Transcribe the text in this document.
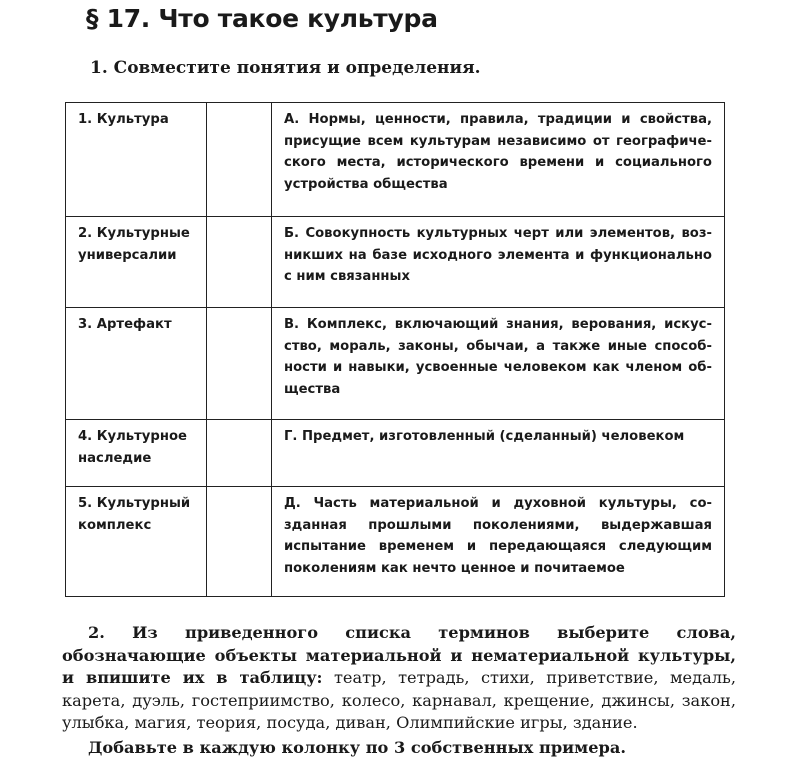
§ 17. Что такое культура

1. Совместите понятия и определения.

1. Культура		А. Нормы, ценности, правила, традиции и свойства, присущие всем культурам независимо от географического места, исторического времени и социального устройства общества
2. Культурные универсалии		Б. Совокупность культурных черт или элементов, возникших на базе исходного элемента и функционально с ним связанных
3. Артефакт		В. Комплекс, включающий знания, верования, искусство, мораль, законы, обычаи, а также иные способности и навыки, усвоенные человеком как членом общества
4. Культурное наследие		Г. Предмет, изготовленный (сделанный) человеком
5. Культурный комплекс		Д. Часть материальной и духовной культуры, созданная прошлыми поколениями, выдержавшая испытание временем и передающаяся следующим поколениям как нечто ценное и почитаемое

2. Из приведенного списка терминов выберите слова, обозначающие объекты материальной и нематериальной культуры, и впишите их в таблицу: театр, тетрадь, стихи, приветствие, медаль, карета, дуэль, гостеприимство, колесо, карнавал, крещение, джинсы, закон, улыбка, магия, теория, посуда, диван, Олимпийские игры, здание.

Добавьте в каждую колонку по 3 собственных примера.
